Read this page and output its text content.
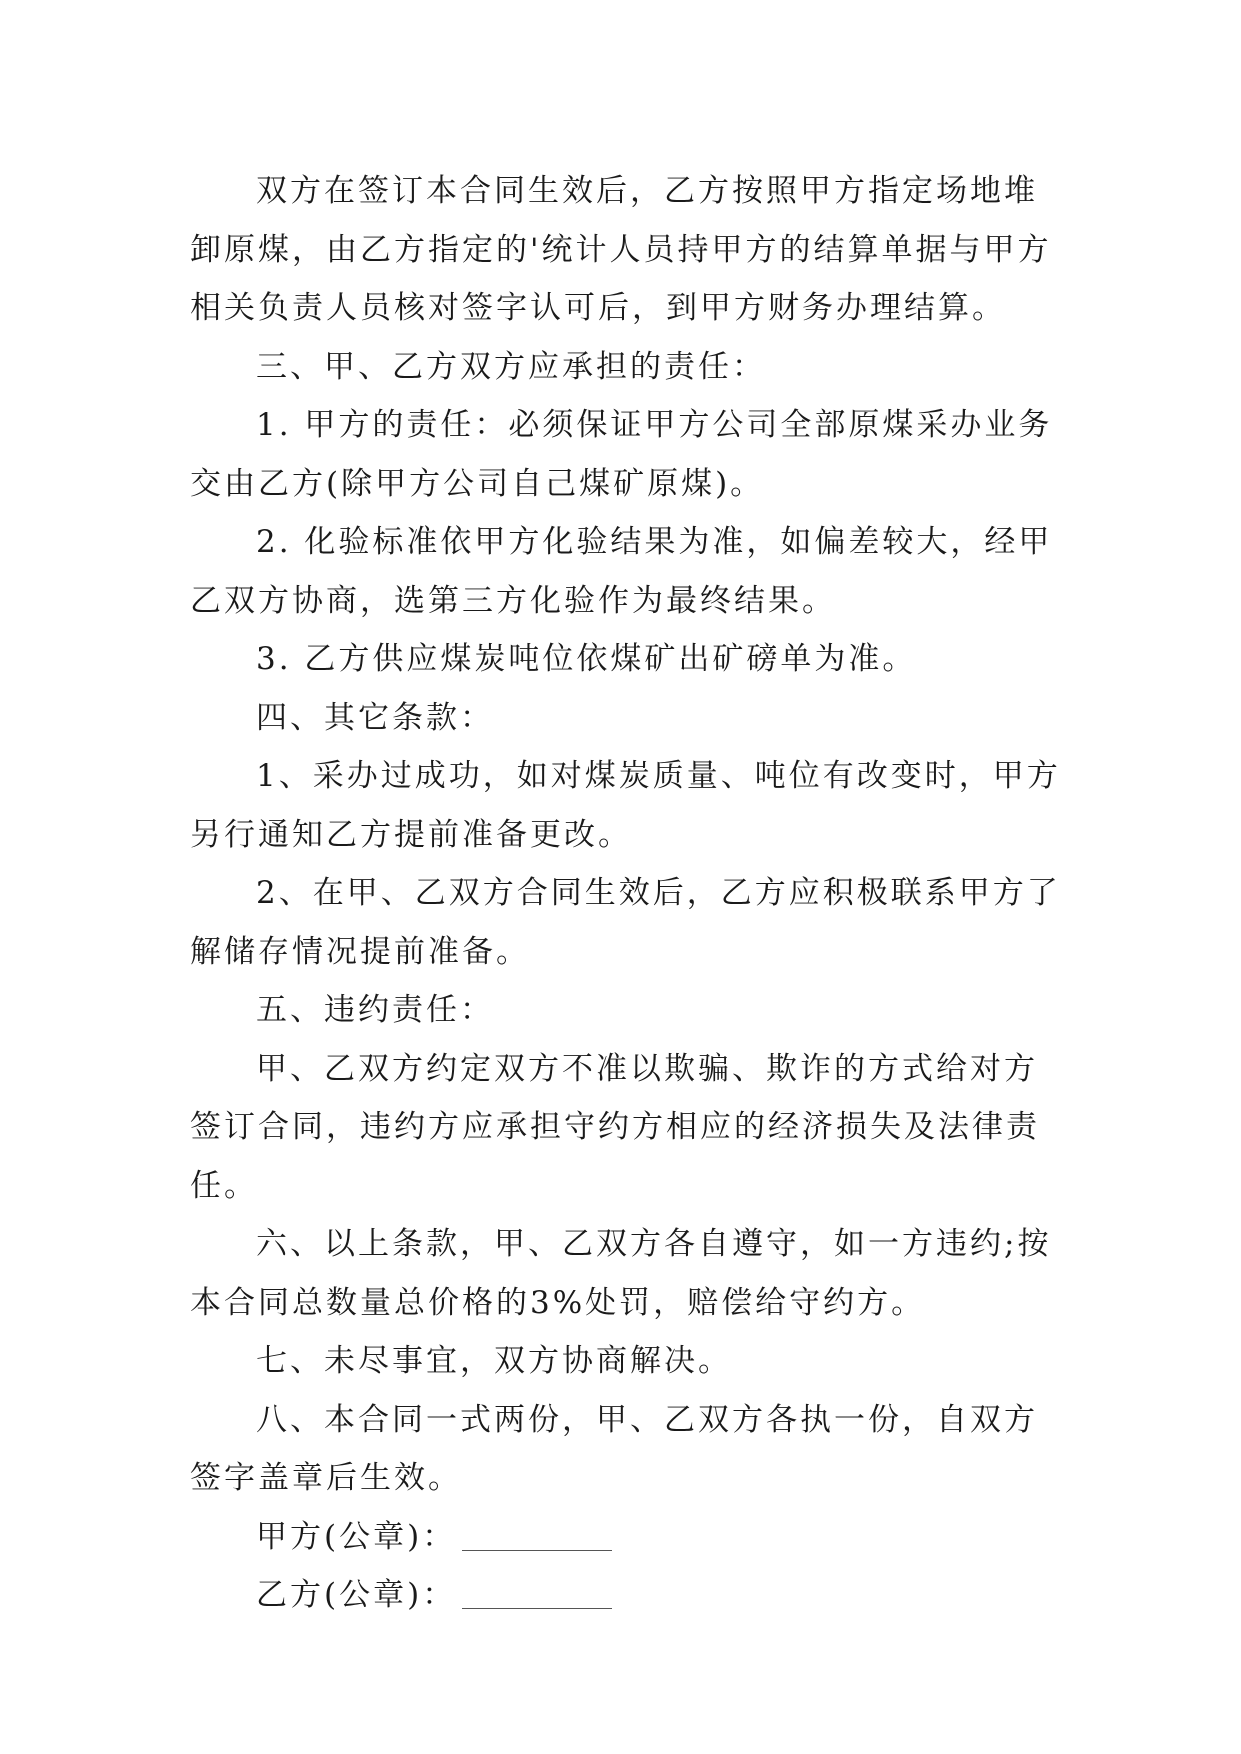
双方在签订本合同生效后，乙方按照甲方指定场地堆卸原煤，由乙方指定的'统计人员持甲方的结算单据与甲方相关负责人员核对签字认可后，到甲方财务办理结算。

三、甲、乙方双方应承担的责任：

1. 甲方的责任：必须保证甲方公司全部原煤采办业务交由乙方(除甲方公司自己煤矿原煤)。

2. 化验标准依甲方化验结果为准，如偏差较大，经甲乙双方协商，选第三方化验作为最终结果。

3. 乙方供应煤炭吨位依煤矿出矿磅单为准。

四、其它条款：

1、采办过成功，如对煤炭质量、吨位有改变时，甲方另行通知乙方提前准备更改。

2、在甲、乙双方合同生效后，乙方应积极联系甲方了解储存情况提前准备。

五、违约责任：

甲、乙双方约定双方不准以欺骗、欺诈的方式给对方签订合同，违约方应承担守约方相应的经济损失及法律责任。

六、以上条款，甲、乙双方各自遵守，如一方违约;按本合同总数量总价格的3%处罚，赔偿给守约方。

七、未尽事宜，双方协商解决。

八、本合同一式两份，甲、乙双方各执一份，自双方签字盖章后生效。

甲方(公章)：

乙方(公章)：
